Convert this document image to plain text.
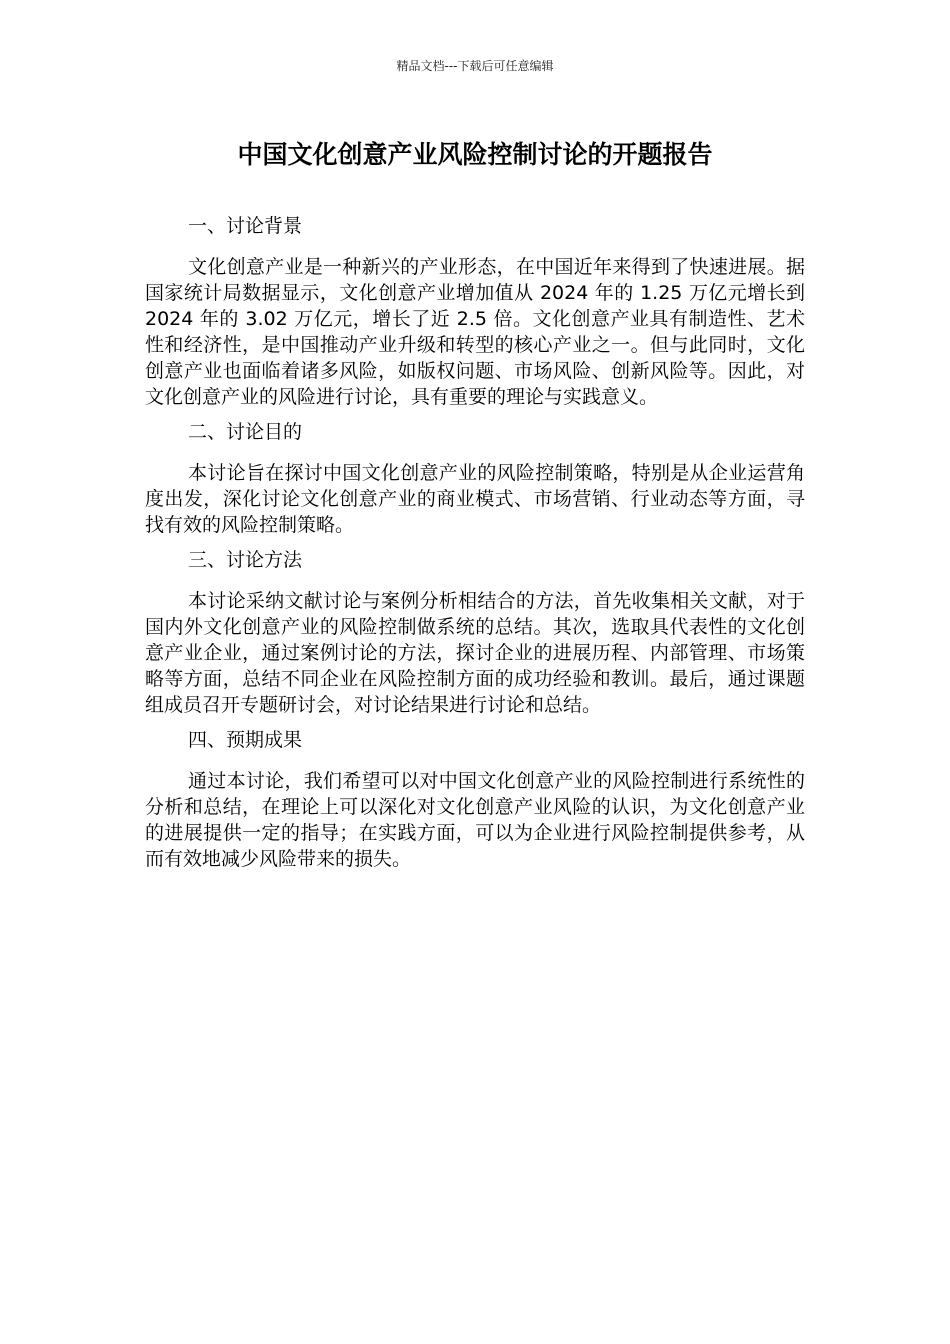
精品文档---下载后可任意编辑
中国文化创意产业风险控制讨论的开题报告
一、讨论背景

文化创意产业是一种新兴的产业形态，在中国近年来得到了快速进展。据国家统计局数据显示，文化创意产业增加值从 2024 年的 1.25 万亿元增长到 2024 年的 3.02 万亿元，增长了近 2.5 倍。文化创意产业具有制造性、艺术性和经济性，是中国推动产业升级和转型的核心产业之一。但与此同时，文化创意产业也面临着诸多风险，如版权问题、市场风险、创新风险等。因此，对文化创意产业的风险进行讨论，具有重要的理论与实践意义。

二、讨论目的

本讨论旨在探讨中国文化创意产业的风险控制策略，特别是从企业运营角度出发，深化讨论文化创意产业的商业模式、市场营销、行业动态等方面，寻找有效的风险控制策略。

三、讨论方法

本讨论采纳文献讨论与案例分析相结合的方法，首先收集相关文献，对于国内外文化创意产业的风险控制做系统的总结。其次，选取具代表性的文化创意产业企业，通过案例讨论的方法，探讨企业的进展历程、内部管理、市场策略等方面，总结不同企业在风险控制方面的成功经验和教训。最后，通过课题组成员召开专题研讨会，对讨论结果进行讨论和总结。

四、预期成果

通过本讨论，我们希望可以对中国文化创意产业的风险控制进行系统性的分析和总结，在理论上可以深化对文化创意产业风险的认识，为文化创意产业的进展提供一定的指导；在实践方面，可以为企业进行风险控制提供参考，从而有效地减少风险带来的损失。
